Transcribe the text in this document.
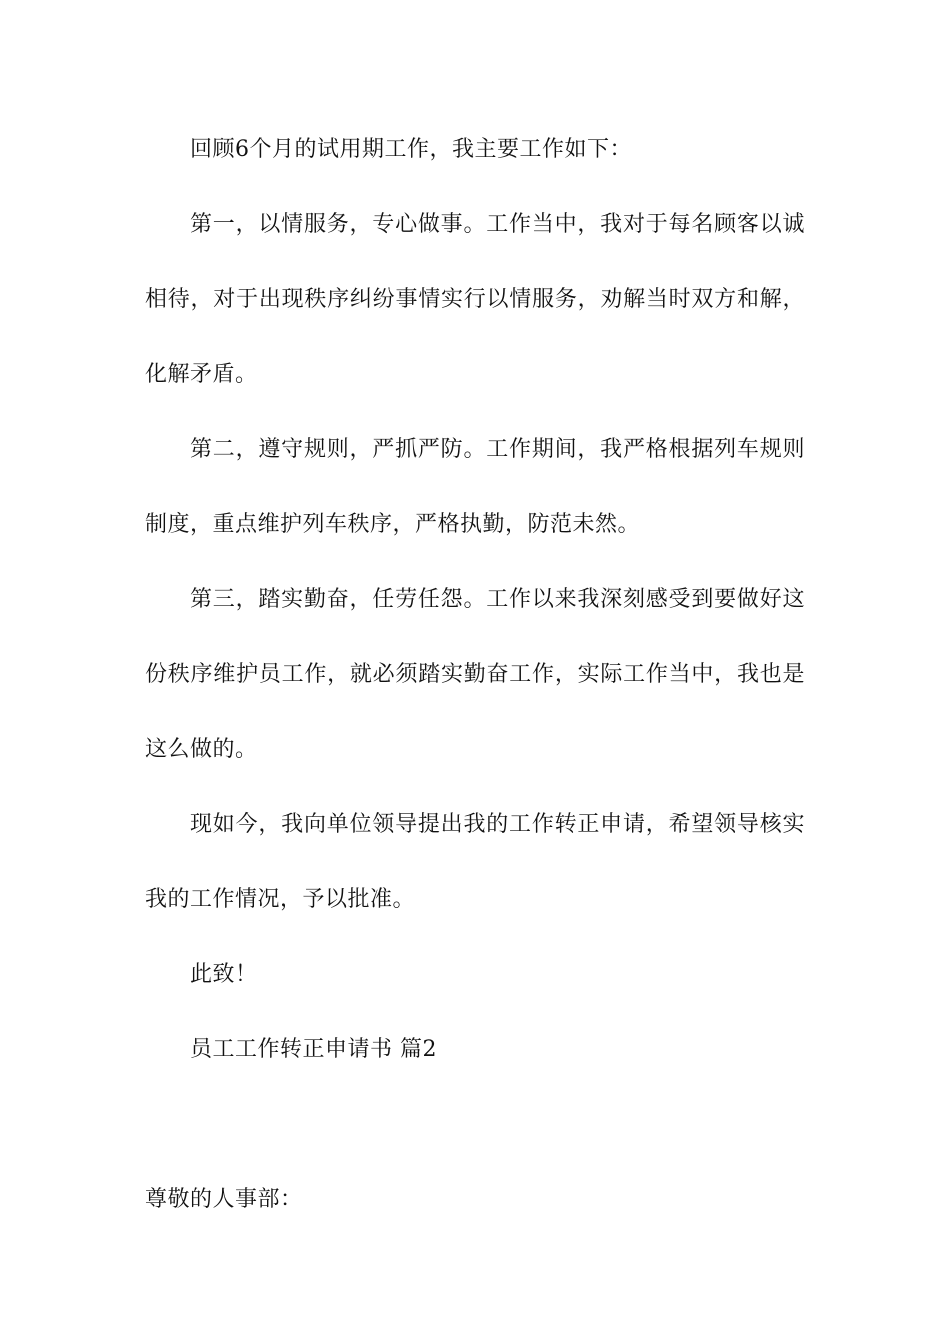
回顾6个月的试用期工作，我主要工作如下：
第一，以情服务，专心做事。工作当中，我对于每名顾客以诚
相待，对于出现秩序纠纷事情实行以情服务，劝解当时双方和解，
化解矛盾。
第二，遵守规则，严抓严防。工作期间，我严格根据列车规则
制度，重点维护列车秩序，严格执勤，防范未然。
第三，踏实勤奋，任劳任怨。工作以来我深刻感受到要做好这
份秩序维护员工作，就必须踏实勤奋工作，实际工作当中，我也是
这么做的。
现如今，我向单位领导提出我的工作转正申请，希望领导核实
我的工作情况，予以批准。
此致！
员工工作转正申请书 篇2
尊敬的人事部：
